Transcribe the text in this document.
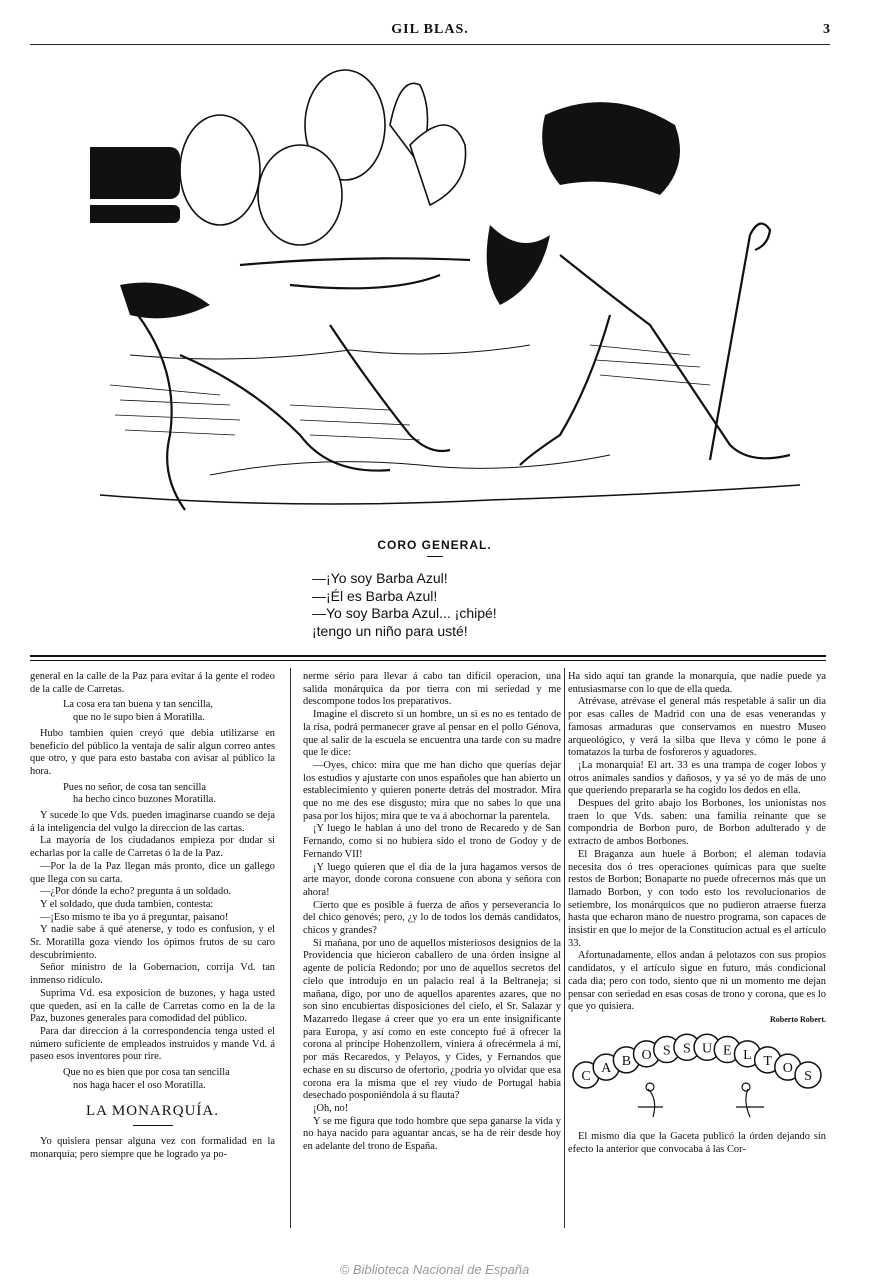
GIL BLAS.	3
CORO GENERAL.
—¡Yo soy Barba Azul!
—¡Él es Barba Azul!
—Yo soy Barba Azul... ¡chipé!
¡tengo un niño para usté!

general en la calle de la Paz para evitar á la gente el rodeo de la calle de Carretas.

La cosa era tan buena y tan sencilla,
que no le supo bien á Moratilla.

Hubo tambien quien creyó que debia utilizarse en beneficio del público la ventaja de salir algun correo antes que otro, y que para esto bastaba con avisar al público la hora.

Pues no señor, de cosa tan sencilla
ha hecho cinco buzones Moratilla.

Y sucede lo que Vds. pueden imaginarse cuando se deja á la inteligencia del vulgo la direccion de las cartas.

La mayoría de los ciudadanos empieza por dudar si echarlas por la calle de Carretas ó la de la Paz.

—Por la de la Paz llegan más pronto, dice un gallego que llega con su carta.

—¿Por dónde la echo? pregunta á un soldado.

Y el soldado, que duda tambien, contesta:

—¡Eso mismo te iba yo á preguntar, paisano!

Y nadie sabe á qué atenerse, y todo es confusion, y el Sr. Moratilla goza viendo los ópimos frutos de su caro descubrimiento.

Señor ministro de la Gobernacion, corrija Vd. tan inmenso ridículo.

Suprima Vd. esa exposicion de buzones, y haga usted que queden, así en la calle de Carretas como en la de la Paz, buzones generales para comodidad del público.

Para dar direccion á la correspondencia tenga usted el número suficiente de empleados instruidos y mande Vd. á paseo esos inventores pour rire.

Que no es bien que por cosa tan sencilla
nos haga hacer el oso Moratilla.

LA MONARQUÍA.

Yo quisiera pensar alguna vez con formalidad en la monarquía; pero siempre que he logrado ya po-

nerme sério para llevar á cabo tan difícil operacion, una salida monárquica da por tierra con mi seriedad y me descompone todos los preparativos.

Imagine el discreto si un hombre, un sí es no es tentado de la risa, podrá permanecer grave al pensar en el pollo Génova, que al salir de la escuela se encuentra una tarde con su madre que le dice:

—Oyes, chico: mira que me han dicho que querías dejar los estudios y ajustarte con unos españoles que han abierto un establecimiento y quieren ponerte detrás del mostrador. Mira que no me des ese disgusto; mira que no sabes lo que una pasa por los hijos; mira que te va á abochornar la parentela.

¡Y luego le hablan á uno del trono de Recaredo y de San Fernando, como si no hubiera sido el trono de Godoy y de Fernando VII!

¡Y luego quieren que el dia de la jura hagamos versos de arte mayor, donde corona consuene con abona y señora con ahora!

Cierto que es posible á fuerza de años y perseverancia lo del chico genovés; pero, ¿y lo de todos los demás candidatos, chicos y grandes?

Si mañana, por uno de aquellos misteriosos designios de la Providencia que hicieron caballero de una órden insigne al agente de policía Redondo; por uno de aquellos secretos del cielo que introdujo en un palacio real á la Beltraneja; si mañana, digo, por uno de aquellos aparentes azares, que no son sino encubiertas disposiciones del cielo, el Sr. Salazar y Mazarredo llegase á creer que yo era un ente insignificante para Europa, y así como en este concepto fué á ofrecer la corona al príncipe Hohenzollern, viniera á ofrecérmela á mí, por más Recaredos, y Pelayos, y Cides, y Fernandos que echase en su discurso de ofertorio, ¿podria yo olvidar que esa corona era la misma que el rey viudo de Portugal habia desechado posponiéndola á su flauta?

¡Oh, no!

Y se me figura que todo hombre que sepa ganarse la vida y no haya nacido para aguantar ancas, se ha de reir desde hoy en adelante del trono de España.

Ha sido aquí tan grande la monarquía, que nadie puede ya entusiasmarse con lo que de ella queda.

Atrévase, atrévase el general más respetable á salir un dia por esas calles de Madrid con una de esas venerandas y famosas armaduras que conservamos en nuestro Museo arqueológico, y verá la silba que lleva y cómo le pone á tomatazos la turba de fosforeros y aguadores.

¡La monarquía! El art. 33 es una trampa de coger lobos y otros animales sandios y dañosos, y ya sé yo de más de uno que queriendo prepararla se ha cogido los dedos en ella.

Despues del grito abajo los Borbones, los unionistas nos traen lo que Vds. saben: una familia reinante que se compondria de Borbon puro, de Borbon adulterado y de extracto de ambos Borbones.

El Braganza aun huele á Borbon; el aleman todavía necesita dos ó tres operaciones químicas para que suelte restos de Borbon; Bonaparte no puede ofrecernos más que un llamado Borbon, y con todo esto los revolucionarios de setiembre, los monárquicos que no pudieron atraerse fuerza hasta que echaron mano de nuestro programa, son capaces de insistir en que lo mejor de la Constitucion actual es el artículo 33.

Afortunadamente, ellos andan á pelotazos con sus propios candidatos, y el artículo sigue en futuro, más condicional cada dia; pero con todo, siento que ni un momento me dejan pensar con seriedad en esas cosas de trono y corona, que es lo que yo quisiera.

Roberto Robert.

C
A B O S S U E L T O
S

El mismo dia que la Gaceta publicó la órden dejando sin efecto la anterior que convocaba á las Cor-

© Biblioteca Nacional de España
